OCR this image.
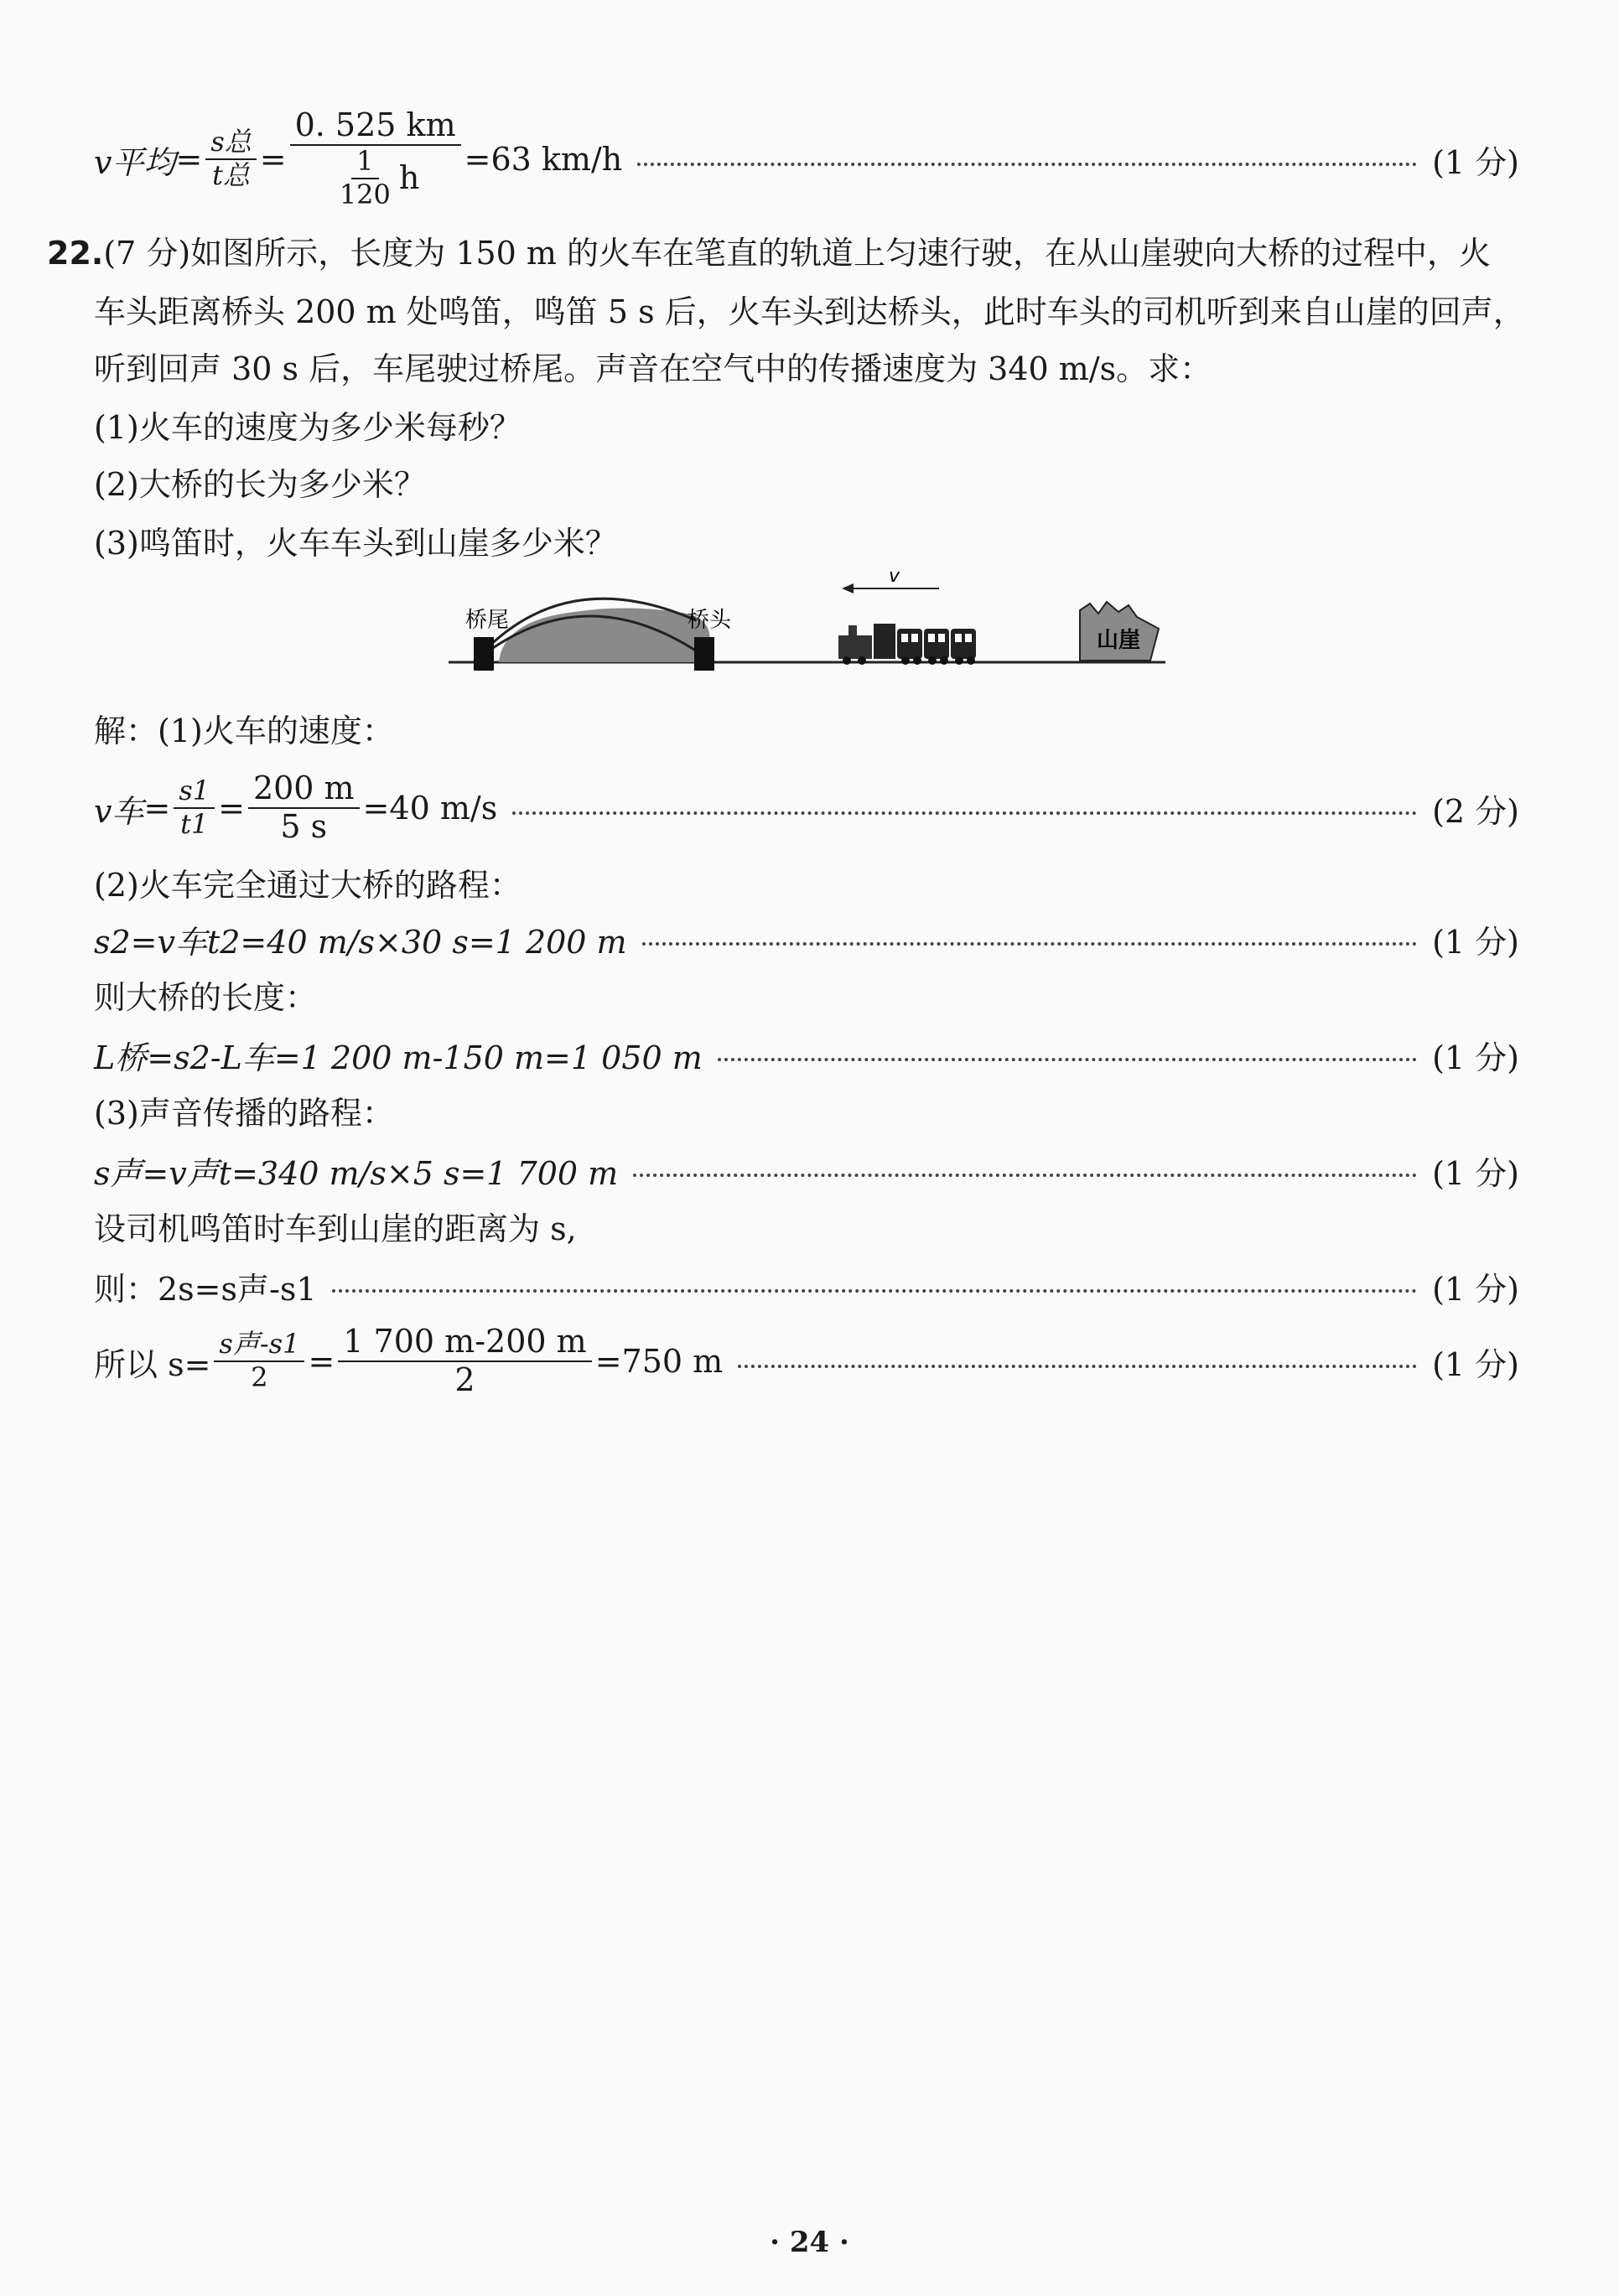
v平均 = $\frac{\text{s总}}{\text{t总}} = \frac{0. 525 km}{\frac{1}{120} h} =63$ km/h	(1 分)
22.(7 分)如图所示，长度为 150 m 的火车在笔直的轨道上匀速行驶，在从山崖驶向大桥的过程中，火
车头距离桥头 200 m 处鸣笛，鸣笛 5 s 后，火车头到达桥头，此时车头的司机听到来自山崖的回声，
听到回声 30 s 后，车尾驶过桥尾。声音在空气中的传播速度为 340 m/s。求：
(1)火车的速度为多少米每秒？
(2)大桥的长为多少米？
(3)鸣笛时，火车车头到山崖多少米？
桥尾	桥头
v
山崖
解：(1)火车的速度：
v车 = $\frac{s1}{t1} = \frac{200 m}{5 s} =40$ m/s	(2 分)
(2)火车完全通过大桥的路程：
s2=v车t2=40 m/s×30 s=1 200 m	(1 分)
则大桥的长度：
L桥=s2-L车=1 200 m-150 m=1 050 m	(1 分)
(3)声音传播的路程：
s声=v声t=340 m/s×5 s=1 700 m	(1 分)
设司机鸣笛时车到山崖的距离为 s,
则：2s=s声-s1	(1 分)
所以 $s= \frac{\text{s声-s1}}{2} = \frac{1 700 m-200 m}{2} =750$ m	(1 分)
· 24 ·
